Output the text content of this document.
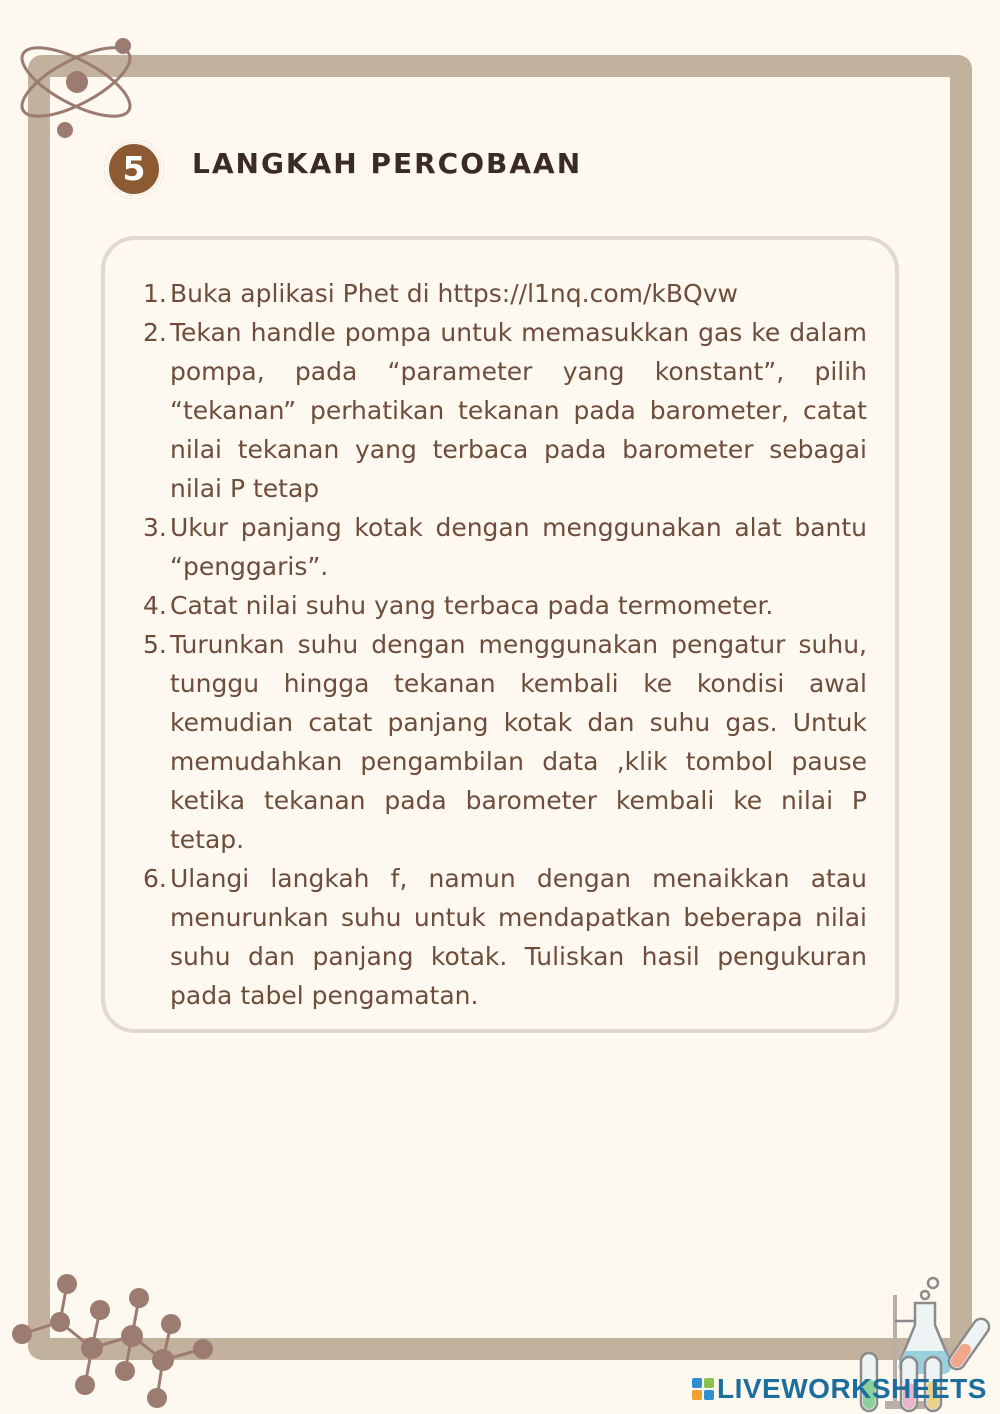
5 LANGKAH PERCOBAAN
1. Buka aplikasi Phet di https://l1nq.com/kBQvw
2. Tekan handle pompa untuk memasukkan gas ke dalam pompa, pada “parameter yang konstant”, pilih “tekanan” perhatikan tekanan pada barometer, catat nilai tekanan yang terbaca pada barometer sebagai nilai P tetap
3. Ukur panjang kotak dengan menggunakan alat bantu “penggaris”.
4. Catat nilai suhu yang terbaca pada termometer.
5. Turunkan suhu dengan menggunakan pengatur suhu, tunggu hingga tekanan kembali ke kondisi awal kemudian catat panjang kotak dan suhu gas. Untuk memudahkan pengambilan data ,klik tombol pause ketika tekanan pada barometer kembali ke nilai P tetap.
6. Ulangi langkah f, namun dengan menaikkan atau menurunkan suhu untuk mendapatkan beberapa nilai suhu dan panjang kotak. Tuliskan hasil pengukuran pada tabel pengamatan.
LIVEWORKSHEETS
